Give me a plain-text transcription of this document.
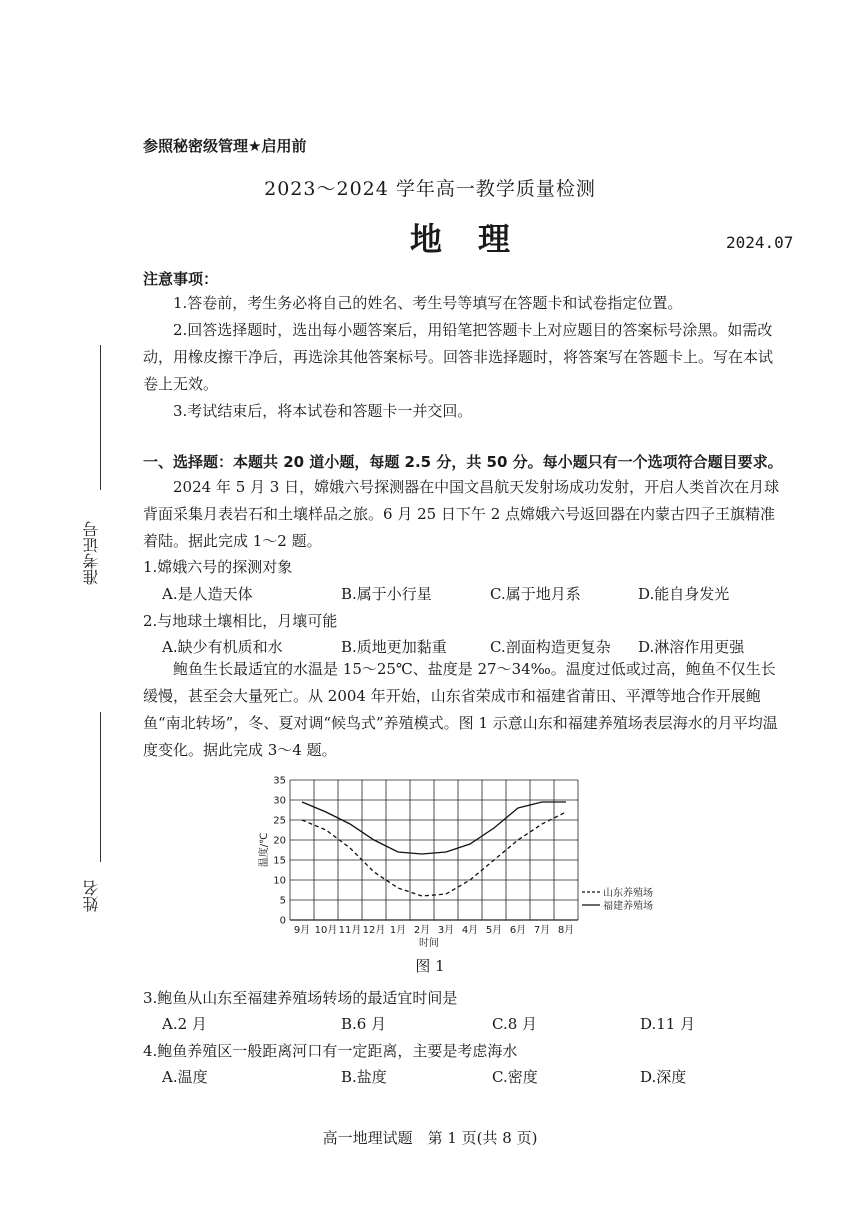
参照秘密级管理★启用前
2023～2024 学年高一教学质量检测
地理	2024.07
注意事项：
1.答卷前，考生务必将自己的姓名、考生号等填写在答题卡和试卷指定位置。
2.回答选择题时，选出每小题答案后，用铅笔把答题卡上对应题目的答案标号涂黑。如需改动，用橡皮擦干净后，再选涂其他答案标号。回答非选择题时，将答案写在答题卡上。写在本试卷上无效。
3.考试结束后，将本试卷和答题卡一并交回。
准考证号
姓名
一、选择题：本题共 20 道小题，每题 2.5 分，共 50 分。每小题只有一个选项符合题目要求。
2024 年 5 月 3 日，嫦娥六号探测器在中国文昌航天发射场成功发射，开启人类首次在月球背面采集月表岩石和土壤样品之旅。6 月 25 日下午 2 点嫦娥六号返回器在内蒙古四子王旗精准着陆。据此完成 1～2 题。
1.嫦娥六号的探测对象
A.是人造天体	B.属于小行星	C.属于地月系	D.能自身发光
2.与地球土壤相比，月壤可能
A.缺少有机质和水	B.质地更加黏重	C.剖面构造更复杂 D.淋溶作用更强
鲍鱼生长最适宜的水温是 15～25℃、盐度是 27～34‰。温度过低或过高，鲍鱼不仅生长缓慢，甚至会大量死亡。从 2004 年开始，山东省荣成市和福建省莆田、平潭等地合作开展鲍鱼“南北转场”，冬、夏对调“候鸟式”养殖模式。图 1 示意山东和福建养殖场表层海水的月平均温度变化。据此完成 3～4 题。
0
5
10
15
20
25
30
35
9月 10月 11月 12月 1月 2月 3月 4月 5月 6月 7月 8月
时间
温度/℃
山东养殖场
福建养殖场
图 1
3.鲍鱼从山东至福建养殖场转场的最适宜时间是
A.2 月	B.6 月	C.8 月	D.11 月
4.鲍鱼养殖区一般距离河口有一定距离，主要是考虑海水
A.温度	B.盐度	C.密度	D.深度
高一地理试题　第 1 页(共 8 页)
